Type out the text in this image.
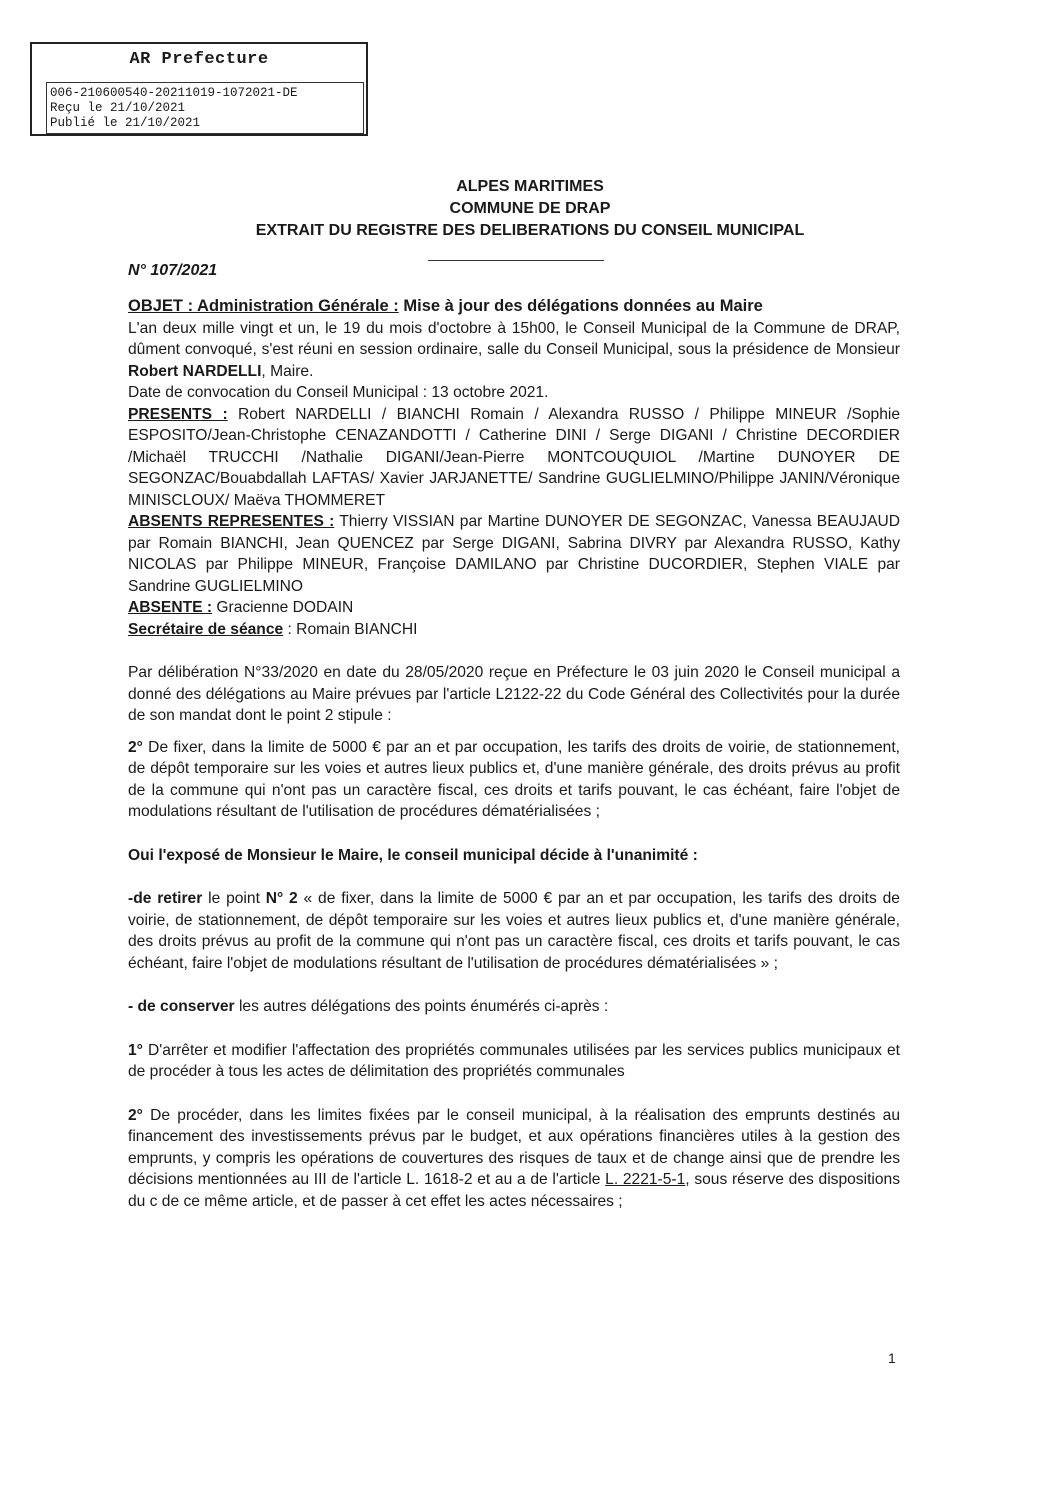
AR Prefecture
006-210600540-20211019-1072021-DE
Reçu le 21/10/2021
Publié le 21/10/2021
ALPES MARITIMES
COMMUNE DE DRAP
EXTRAIT DU REGISTRE DES DELIBERATIONS DU CONSEIL MUNICIPAL
N° 107/2021

OBJET : Administration Générale : Mise à jour des délégations données au Maire

L'an deux mille vingt et un, le 19 du mois d'octobre à 15h00, le Conseil Municipal de la Commune de DRAP, dûment convoqué, s'est réuni en session ordinaire, salle du Conseil Municipal, sous la présidence de Monsieur Robert NARDELLI, Maire.

Date de convocation du Conseil Municipal : 13 octobre 2021.

PRESENTS : Robert NARDELLI / BIANCHI Romain / Alexandra RUSSO / Philippe MINEUR /Sophie ESPOSITO/Jean-Christophe CENAZANDOTTI / Catherine DINI / Serge DIGANI / Christine DECORDIER /Michaël TRUCCHI /Nathalie DIGANI/Jean-Pierre MONTCOUQUIOL /Martine DUNOYER DE SEGONZAC/Bouabdallah LAFTAS/ Xavier JARJANETTE/ Sandrine GUGLIELMINO/Philippe JANIN/Véronique MINISCLOUX/ Maëva THOMMERET

ABSENTS REPRESENTES : Thierry VISSIAN par Martine DUNOYER DE SEGONZAC, Vanessa BEAUJAUD par Romain BIANCHI, Jean QUENCEZ par Serge DIGANI, Sabrina DIVRY par Alexandra RUSSO, Kathy NICOLAS par Philippe MINEUR, Françoise DAMILANO par Christine DUCORDIER, Stephen VIALE par Sandrine GUGLIELMINO

ABSENTE : Gracienne DODAIN

Secrétaire de séance : Romain BIANCHI

Par délibération N°33/2020 en date du 28/05/2020 reçue en Préfecture le 03 juin 2020 le Conseil municipal a donné des délégations au Maire prévues par l'article L2122-22 du Code Général des Collectivités pour la durée de son mandat dont le point 2 stipule :

2° De fixer, dans la limite de 5000 € par an et par occupation, les tarifs des droits de voirie, de stationnement, de dépôt temporaire sur les voies et autres lieux publics et, d'une manière générale, des droits prévus au profit de la commune qui n'ont pas un caractère fiscal, ces droits et tarifs pouvant, le cas échéant, faire l'objet de modulations résultant de l'utilisation de procédures dématérialisées ;

Oui l'exposé de Monsieur le Maire, le conseil municipal décide à l'unanimité :

-de retirer le point N° 2 « de fixer, dans la limite de 5000 € par an et par occupation, les tarifs des droits de voirie, de stationnement, de dépôt temporaire sur les voies et autres lieux publics et, d'une manière générale, des droits prévus au profit de la commune qui n'ont pas un caractère fiscal, ces droits et tarifs pouvant, le cas échéant, faire l'objet de modulations résultant de l'utilisation de procédures dématérialisées » ;

- de conserver les autres délégations des points énumérés ci-après :

1° D'arrêter et modifier l'affectation des propriétés communales utilisées par les services publics municipaux et de procéder à tous les actes de délimitation des propriétés communales

2° De procéder, dans les limites fixées par le conseil municipal, à la réalisation des emprunts destinés au financement des investissements prévus par le budget, et aux opérations financières utiles à la gestion des emprunts, y compris les opérations de couvertures des risques de taux et de change ainsi que de prendre les décisions mentionnées au III de l'article L. 1618-2 et au a de l'article L. 2221-5-1, sous réserve des dispositions du c de ce même article, et de passer à cet effet les actes nécessaires ;

1
